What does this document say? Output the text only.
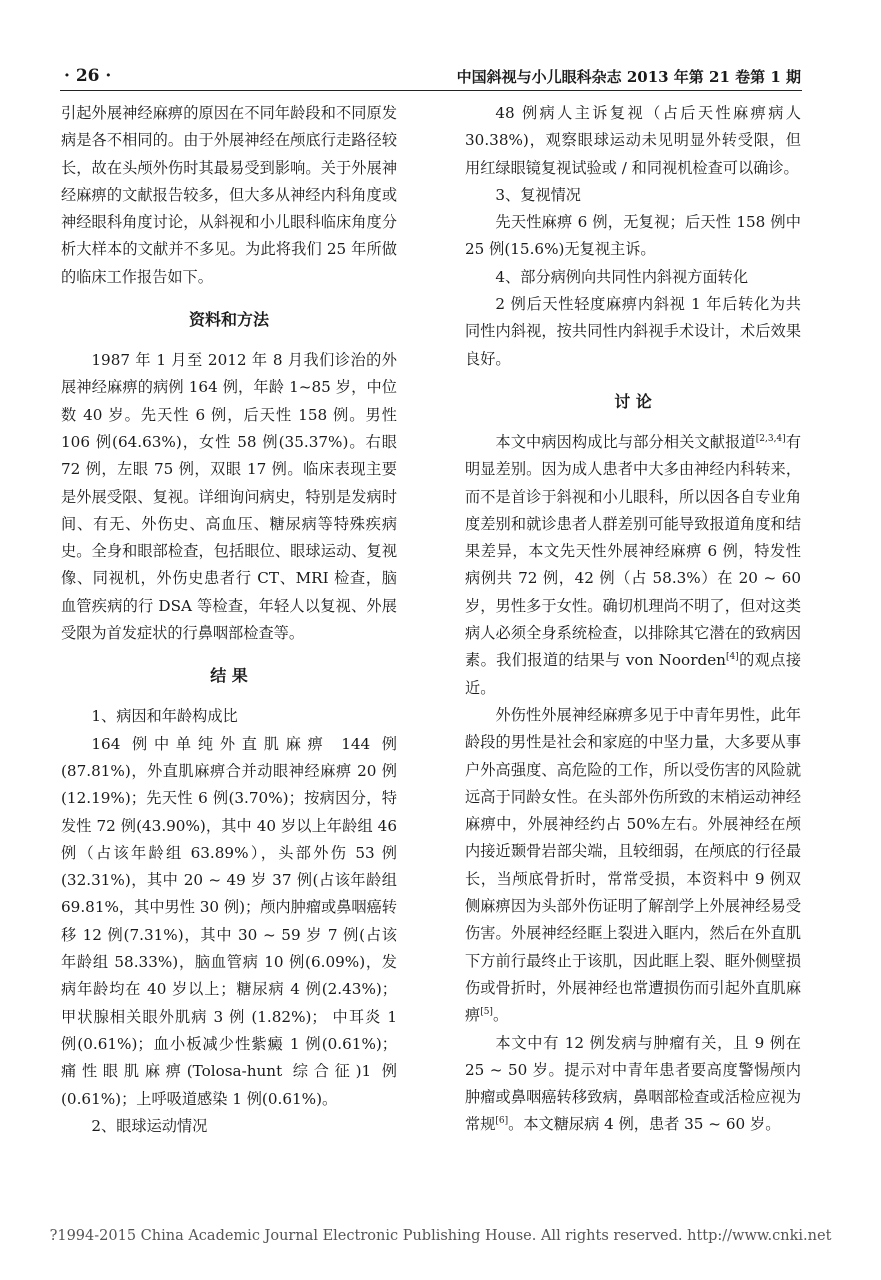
· 26 ·	中国斜视与小儿眼科杂志 2013 年第 21 卷第 1 期

引起外展神经麻痹的原因在不同年龄段和不同原发病是各不相同的。由于外展神经在颅底行走路径较长，故在头颅外伤时其最易受到影响。关于外展神经麻痹的文献报告较多，但大多从神经内科角度或神经眼科角度讨论，从斜视和小儿眼科临床角度分析大样本的文献并不多见。为此将我们 25 年所做的临床工作报告如下。

资料和方法

1987 年 1 月至 2012 年 8 月我们诊治的外展神经麻痹的病例 164 例，年龄 1~85 岁，中位数 40 岁。先天性 6 例，后天性 158 例。男性 106 例(64.63%)，女性 58 例(35.37%)。右眼 72 例，左眼 75 例，双眼 17 例。临床表现主要是外展受限、复视。详细询问病史，特别是发病时间、有无、外伤史、高血压、糖尿病等特殊疾病史。全身和眼部检查，包括眼位、眼球运动、复视像、同视机，外伤史患者行 CT、MRI 检查，脑血管疾病的行 DSA 等检查，年轻人以复视、外展受限为首发症状的行鼻咽部检查等。

结 果
1、病因和年龄构成比

164 例中单纯外直肌麻痹 144 例(87.81%)，外直肌麻痹合并动眼神经麻痹 20 例(12.19%)；先天性 6 例(3.70%)；按病因分，特发性 72 例(43.90%)，其中 40 岁以上年龄组 46 例（占该年龄组 63.89%），头部外伤 53 例(32.31%)，其中 20 ~ 49 岁 37 例(占该年龄组 69.81%，其中男性 30 例)；颅内肿瘤或鼻咽癌转移 12 例(7.31%)，其中 30 ~ 59 岁 7 例(占该年龄组 58.33%)，脑血管病 10 例(6.09%)，发病年龄均在 40 岁以上；糖尿病 4 例(2.43%)；甲状腺相关眼外肌病 3 例 (1.82%)； 中耳炎 1 例(0.61%)；血小板减少性紫癜 1 例(0.61%)；痛性眼肌麻痹(Tolosa-hunt 综合征)1 例(0.61%)；上呼吸道感染 1 例(0.61%)。

2、眼球运动情况

48 例病人主诉复视（占后天性麻痹病人30.38%)，观察眼球运动未见明显外转受限，但用红绿眼镜复视试验或 / 和同视机检查可以确诊。

3、复视情况

先天性麻痹 6 例，无复视；后天性 158 例中 25 例(15.6%)无复视主诉。

4、部分病例向共同性内斜视方面转化

2 例后天性轻度麻痹内斜视 1 年后转化为共同性内斜视，按共同性内斜视手术设计，术后效果良好。

讨 论

本文中病因构成比与部分相关文献报道[2,3,4]有明显差别。因为成人患者中大多由神经内科转来，而不是首诊于斜视和小儿眼科，所以因各自专业角度差别和就诊患者人群差别可能导致报道角度和结果差异，本文先天性外展神经麻痹 6 例，特发性病例共 72 例，42 例（占 58.3%）在 20 ~ 60 岁，男性多于女性。确切机理尚不明了，但对这类病人必须全身系统检查，以排除其它潜在的致病因素。我们报道的结果与 von Noorden[4]的观点接近。

外伤性外展神经麻痹多见于中青年男性，此年龄段的男性是社会和家庭的中坚力量，大多要从事户外高强度、高危险的工作，所以受伤害的风险就远高于同龄女性。在头部外伤所致的末梢运动神经麻痹中，外展神经约占 50%左右。外展神经在颅内接近颞骨岩部尖端，且较细弱，在颅底的行径最长，当颅底骨折时，常常受损，本资料中 9 例双侧麻痹因为头部外伤证明了解剖学上外展神经易受伤害。外展神经经眶上裂进入眶内，然后在外直肌下方前行最终止于该肌，因此眶上裂、眶外侧壁损伤或骨折时，外展神经也常遭损伤而引起外直肌麻痹[5]。

本文中有 12 例发病与肿瘤有关，且 9 例在 25 ~ 50 岁。提示对中青年患者要高度警惕颅内肿瘤或鼻咽癌转移致病，鼻咽部检查或活检应视为常规[6]。本文糖尿病 4 例，患者 35 ~ 60 岁。

?1994-2015 China Academic Journal Electronic Publishing House. All rights reserved. http://www.cnki.net
